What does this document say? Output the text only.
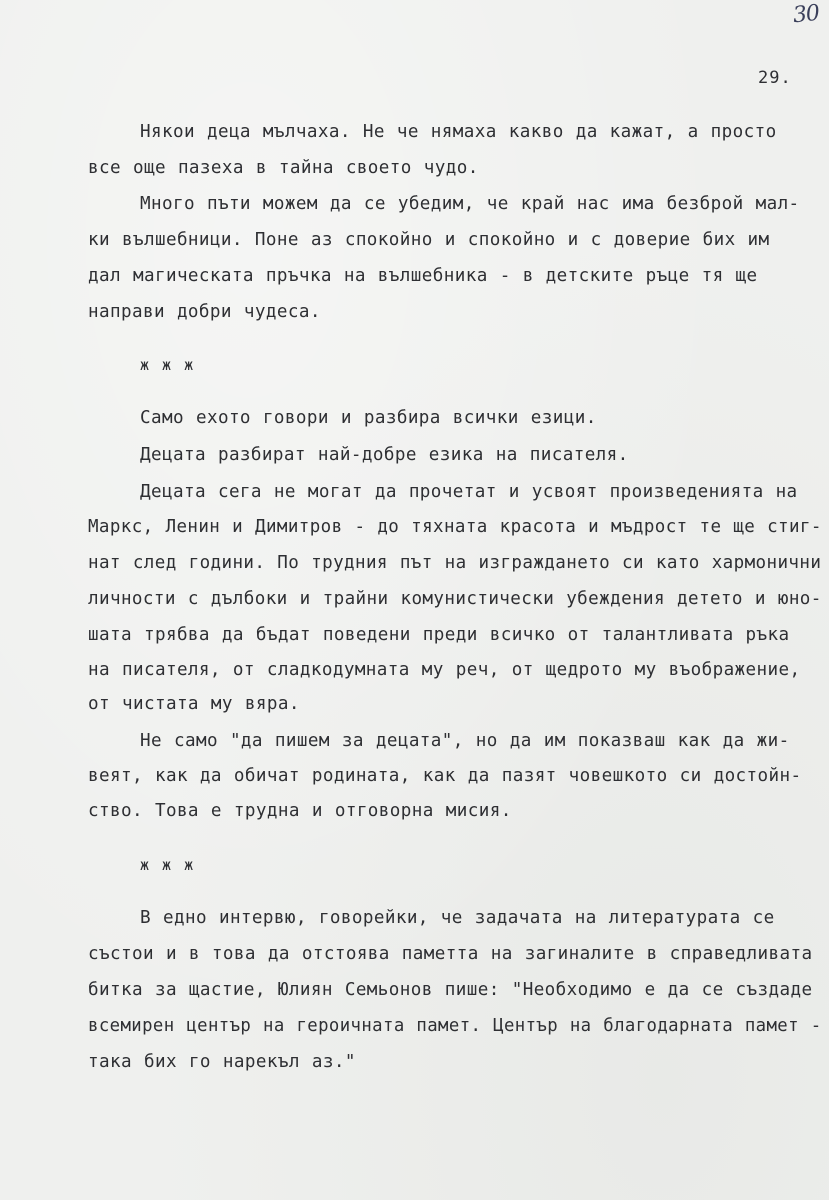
30
29.
Някои деца мълчаха. Не че нямаха какво да кажат, а просто
все още пазеха в тайна своето чудо.
Много пъти можем да се убедим, че край нас има безброй мал-
ки вълшебници. Поне аз спокойно и спокойно и с доверие бих им
дал магическата пръчка на вълшебника - в детските ръце тя ще
направи добри чудеса.
ж ж ж
Само ехото говори и разбира всички езици.
Децата разбират най-добре езика на писателя.
Децата сега не могат да прочетат и усвоят произведенията на
Маркс, Ленин и Димитров - до тяхната красота и мъдрост те ще стиг-
нат след години. По трудния път на изграждането си като хармонични
личности с дълбоки и трайни комунистически убеждения детето и юно-
шата трябва да бъдат поведени преди всичко от талантливата ръка
на писателя, от сладкодумната му реч, от щедрото му въображение,
от чистата му вяра.
Не само "да пишем за децата", но да им показваш как да жи-
веят, как да обичат родината, как да пазят човешкото си достойн-
ство. Това е трудна и отговорна мисия.
ж ж ж
В едно интервю, говорейки, че задачата на литературата се
състои и в това да отстоява паметта на загиналите в справедливата
битка за щастие, Юлиян Семьонов пише: "Необходимо е да се създаде
всемирен център на героичната памет. Център на благодарната памет -
така бих го нарекъл аз."
